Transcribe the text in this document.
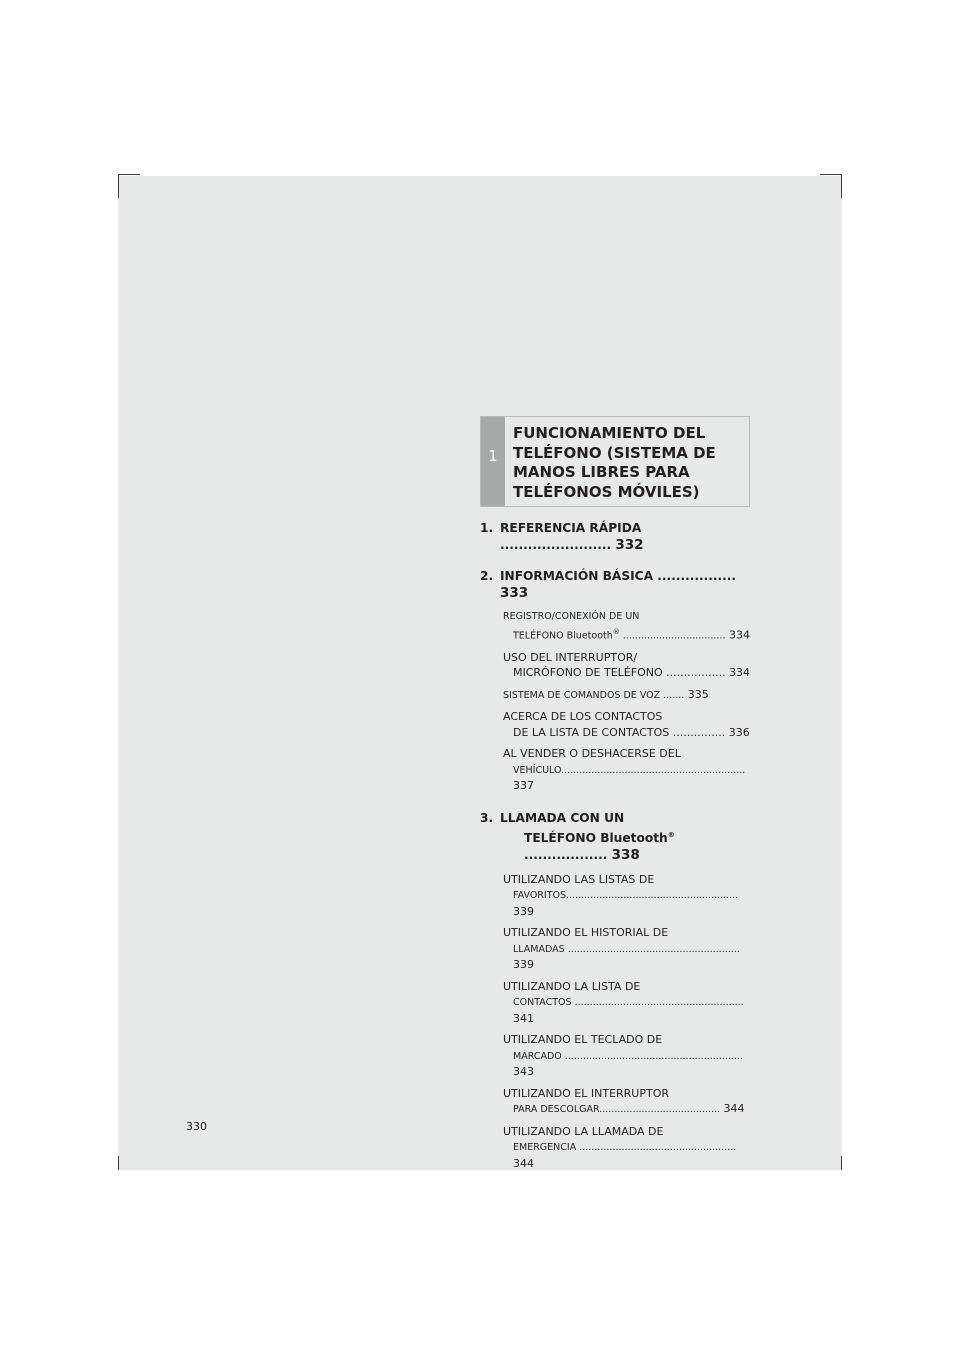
1
FUNCIONAMIENTO DEL
TELÉFONO (SISTEMA DE
MANOS LIBRES PARA
TELÉFONOS MÓVILES)
1. REFERENCIA RÁPIDA ........................ 332
2. INFORMACIÓN BÁSICA ................. 333
REGISTRO/CONEXIÓN DE UN
TELÉFONO Bluetooth® .................................. 334
USO DEL INTERRUPTOR/
MICRÓFONO DE TELÉFONO ................. 334
SISTEMA DE COMANDOS DE VOZ ....... 335
ACERCA DE LOS CONTACTOS
DE LA LISTA DE CONTACTOS ............... 336
AL VENDER O DESHACERSE DEL
VEHÍCULO............................................................. 337
3. LLAMADA CON UN
TELÉFONO Bluetooth® .................. 338
UTILIZANDO LAS LISTAS DE
FAVORITOS......................................................... 339
UTILIZANDO EL HISTORIAL DE
LLAMADAS ......................................................... 339
UTILIZANDO LA LISTA DE
CONTACTOS ........................................................ 341
UTILIZANDO EL TECLADO DE
MARCADO ........................................................... 343
UTILIZANDO EL INTERRUPTOR
PARA DESCOLGAR........................................ 344
UTILIZANDO LA LLAMADA DE
EMERGENCIA .................................................... 344
330
